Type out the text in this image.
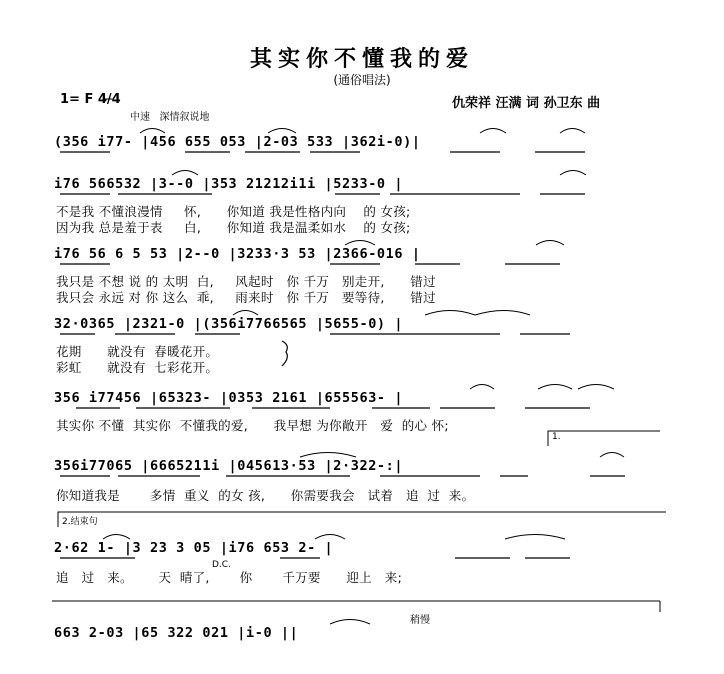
其实你不懂我的爱
(通俗唱法)
1= F 4/4
中速   深情叙说地
仇荣祥 汪满 词 孙卫东 曲
(356 i77- |456 655 053 |2-03 533 |362i-0)|
i76 566532 |3--0 |353 21212i1i |5233-0 |
不是我 不懂浪漫情     怀,      你知道 我是性格内向    的 女孩;
因为我 总是羞于表     白,      你知道 我是温柔如水    的 女孩;
i76 56 6 5 53 |2--0 |3233·3 53 |2366-016 |
我只是 不想 说 的 太明  白,     风起时   你 千万   别走开,      错过
我只会 永远 对 你 这么  乖,     雨来时   你 千万   要等待,      错过
32·0365 |2321-0 |(356i7766565 |5655-0) |
花期      就没有  春暖花开。
彩虹      就没有  七彩花开。
356 i77456 |65323- |0353 2161 |655563- |
其实你 不懂  其实你  不懂我的爱,      我早想 为你敞开   爱  的心 怀;
1.
356i77065 |6665211i |045613·53 |2·322-:|
你知道我是       多情  重义  的女 孩,      你需要我会   试着   追  过  来。
2.结束句
2·62 1- |3 23 3 05 |i76 653 2- |
D.C.
追   过   来。      天  晴了,       你       千万要      迎上   来;
稍慢
663 2-03 |65 322 021 |i-0 ||
